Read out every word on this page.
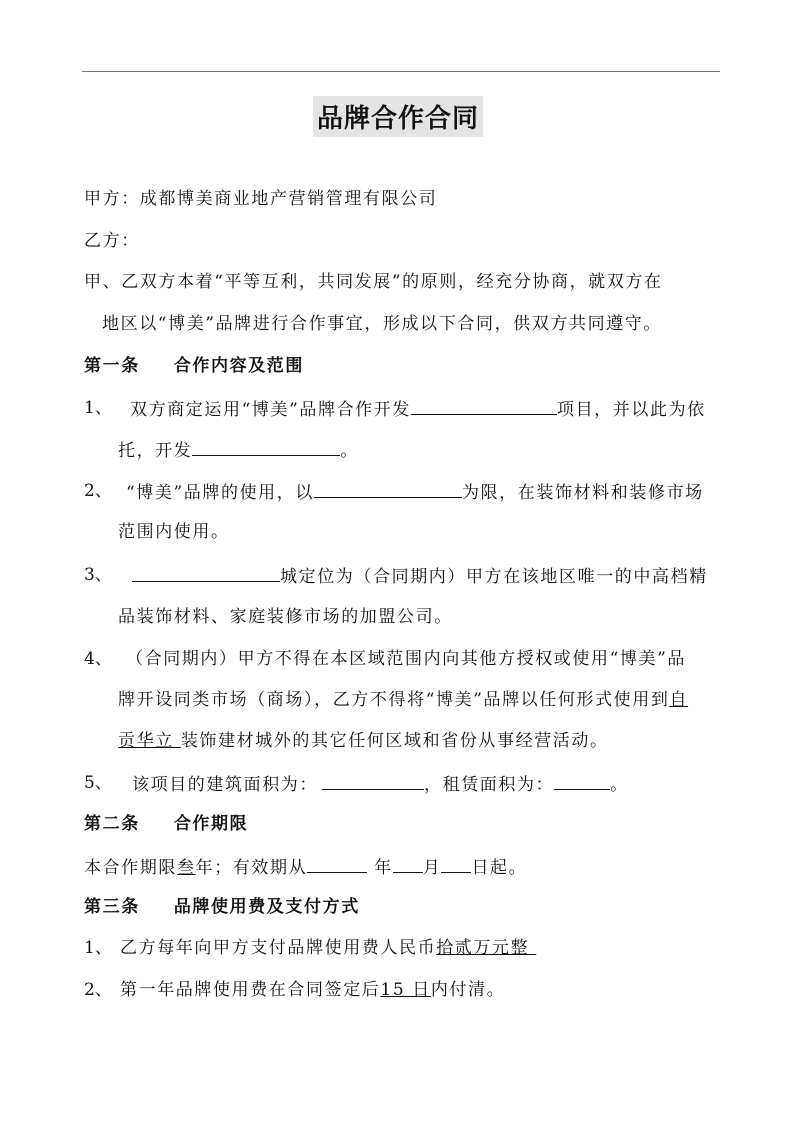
品牌合作合同
甲方：成都博美商业地产营销管理有限公司
乙方：
甲、乙双方本着“平等互利，共同发展”的原则，经充分协商，就双方在
地区以“博美”品牌进行合作事宜，形成以下合同，供双方共同遵守。
第一条 合作内容及范围
1、 双方商定运用“博美”品牌合作开发	项目，并以此为依
托，开发	。
2、 “博美”品牌的使用，以	为限，在装饰材料和装修市场
范围内使用。
3、	城定位为（合同期内）甲方在该地区唯一的中高档精
品装饰材料、家庭装修市场的加盟公司。
4、 （合同期内）甲方不得在本区域范围内向其他方授权或使用“博美”品
牌开设同类市场（商场），乙方不得将“博美”品牌以任何形式使用到自
贡华立 装饰建材城外的其它任何区域和省份从事经营活动。
5、 该项目的建筑面积为：	，租赁面积为：	。
第二条 合作期限
本合作期限叁年；有效期从	年 月 日起。
第三条 品牌使用费及支付方式
1、 乙方每年向甲方支付品牌使用费人民币拾贰万元整
2、 第一年品牌使用费在合同签定后15 日内付清。
